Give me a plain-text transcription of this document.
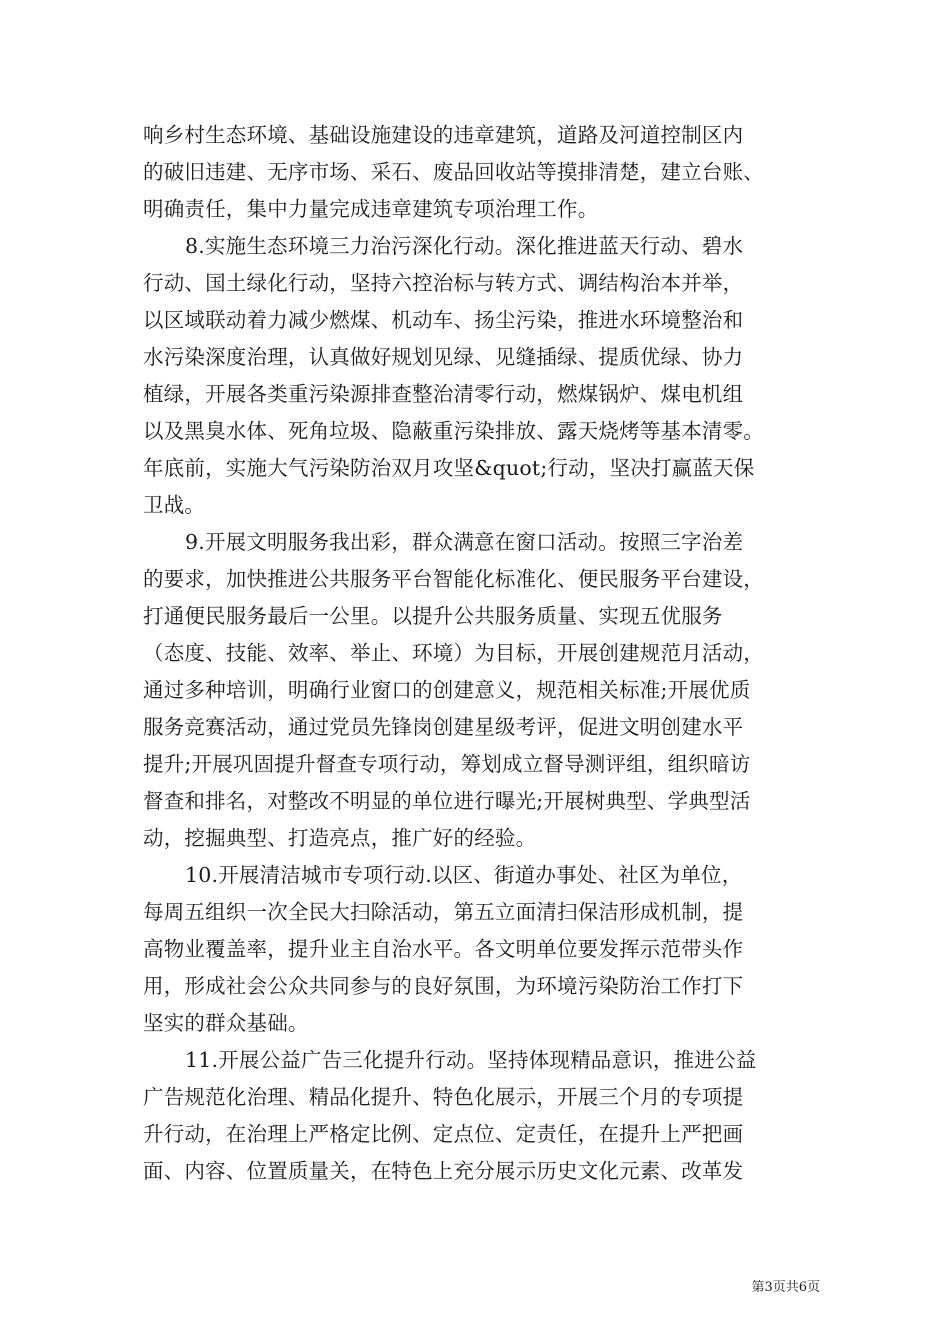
响乡村生态环境、基础设施建设的违章建筑，道路及河道控制区内
的破旧违建、无序市场、采石、废品回收站等摸排清楚，建立台账、
明确责任，集中力量完成违章建筑专项治理工作。
8.实施生态环境三力治污深化行动。深化推进蓝天行动、碧水
行动、国土绿化行动，坚持六控治标与转方式、调结构治本并举，
以区域联动着力减少燃煤、机动车、扬尘污染，推进水环境整治和
水污染深度治理，认真做好规划见绿、见缝插绿、提质优绿、协力
植绿，开展各类重污染源排查整治清零行动，燃煤锅炉、煤电机组
以及黑臭水体、死角垃圾、隐蔽重污染排放、露天烧烤等基本清零。
年底前，实施大气污染防治双月攻坚&quot;行动，坚决打赢蓝天保
卫战。
9.开展文明服务我出彩，群众满意在窗口活动。按照三字治差
的要求，加快推进公共服务平台智能化标准化、便民服务平台建设，
打通便民服务最后一公里。以提升公共服务质量、实现五优服务
（态度、技能、效率、举止、环境）为目标，开展创建规范月活动，
通过多种培训，明确行业窗口的创建意义，规范相关标准;开展优质
服务竞赛活动，通过党员先锋岗创建星级考评，促进文明创建水平
提升;开展巩固提升督查专项行动，筹划成立督导测评组，组织暗访
督查和排名，对整改不明显的单位进行曝光;开展树典型、学典型活
动，挖掘典型、打造亮点，推广好的经验。
10.开展清洁城市专项行动.以区、街道办事处、社区为单位，
每周五组织一次全民大扫除活动，第五立面清扫保洁形成机制，提
高物业覆盖率，提升业主自治水平。各文明单位要发挥示范带头作
用，形成社会公众共同参与的良好氛围，为环境污染防治工作打下
坚实的群众基础。
11.开展公益广告三化提升行动。坚持体现精品意识，推进公益
广告规范化治理、精品化提升、特色化展示，开展三个月的专项提
升行动，在治理上严格定比例、定点位、定责任，在提升上严把画
面、内容、位置质量关，在特色上充分展示历史文化元素、改革发
第3页共6页
